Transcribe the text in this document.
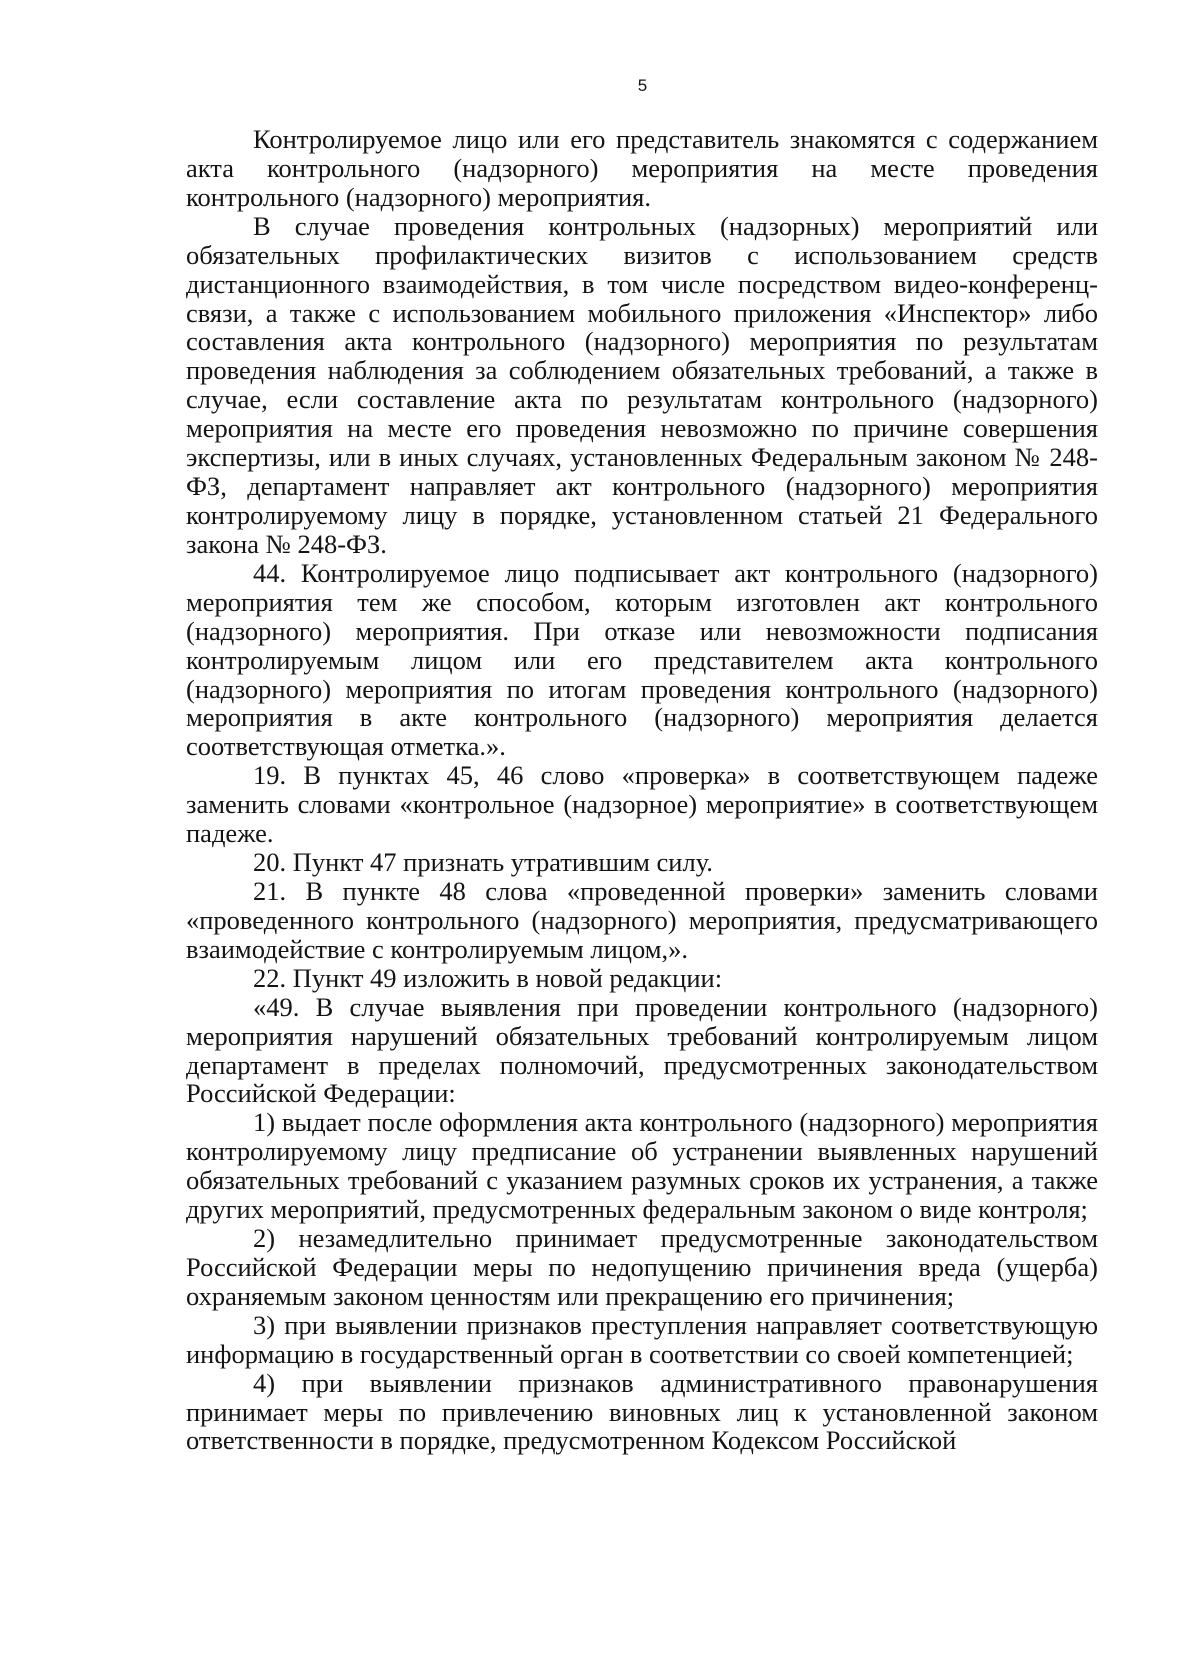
5

Контролируемое лицо или его представитель знакомятся с содержанием акта контрольного (надзорного) мероприятия на месте проведения контрольного (надзорного) мероприятия.

В случае проведения контрольных (надзорных) мероприятий или обязательных профилактических визитов с использованием средств дистанционного взаимодействия, в том числе посредством видео-конференц-связи, а также с использованием мобильного приложения «Инспектор» либо составления акта контрольного (надзорного) мероприятия по результатам проведения наблюдения за соблюдением обязательных требований, а также в случае, если составление акта по результатам контрольного (надзорного) мероприятия на месте его проведения невозможно по причине совершения экспертизы, или в иных случаях, установленных Федеральным законом № 248-ФЗ, департамент направляет акт контрольного (надзорного) мероприятия контролируемому лицу в порядке, установленном статьей 21 Федерального закона № 248-ФЗ.

44. Контролируемое лицо подписывает акт контрольного (надзорного) мероприятия тем же способом, которым изготовлен акт контрольного (надзорного) мероприятия. При отказе или невозможности подписания контролируемым лицом или его представителем акта контрольного (надзорного) мероприятия по итогам проведения контрольного (надзорного) мероприятия в акте контрольного (надзорного) мероприятия делается соответствующая отметка.».

19. В пунктах 45, 46 слово «проверка» в соответствующем падеже заменить словами «контрольное (надзорное) мероприятие» в соответствующем падеже.

20. Пункт 47 признать утратившим силу.

21. В пункте 48 слова «проведенной проверки» заменить словами «проведенного контрольного (надзорного) мероприятия, предусматривающего взаимодействие с контролируемым лицом,».

22. Пункт 49 изложить в новой редакции:

«49. В случае выявления при проведении контрольного (надзорного) мероприятия нарушений обязательных требований контролируемым лицом департамент в пределах полномочий, предусмотренных законодательством Российской Федерации:

1) выдает после оформления акта контрольного (надзорного) мероприятия контролируемому лицу предписание об устранении выявленных нарушений обязательных требований с указанием разумных сроков их устранения, а также других мероприятий, предусмотренных федеральным законом о виде контроля;

2) незамедлительно принимает предусмотренные законодательством Российской Федерации меры по недопущению причинения вреда (ущерба) охраняемым законом ценностям или прекращению его причинения;

3) при выявлении признаков преступления направляет соответствующую информацию в государственный орган в соответствии со своей компетенцией;

4) при выявлении признаков административного правонарушения принимает меры по привлечению виновных лиц к установленной законом ответственности в порядке, предусмотренном Кодексом Российской
